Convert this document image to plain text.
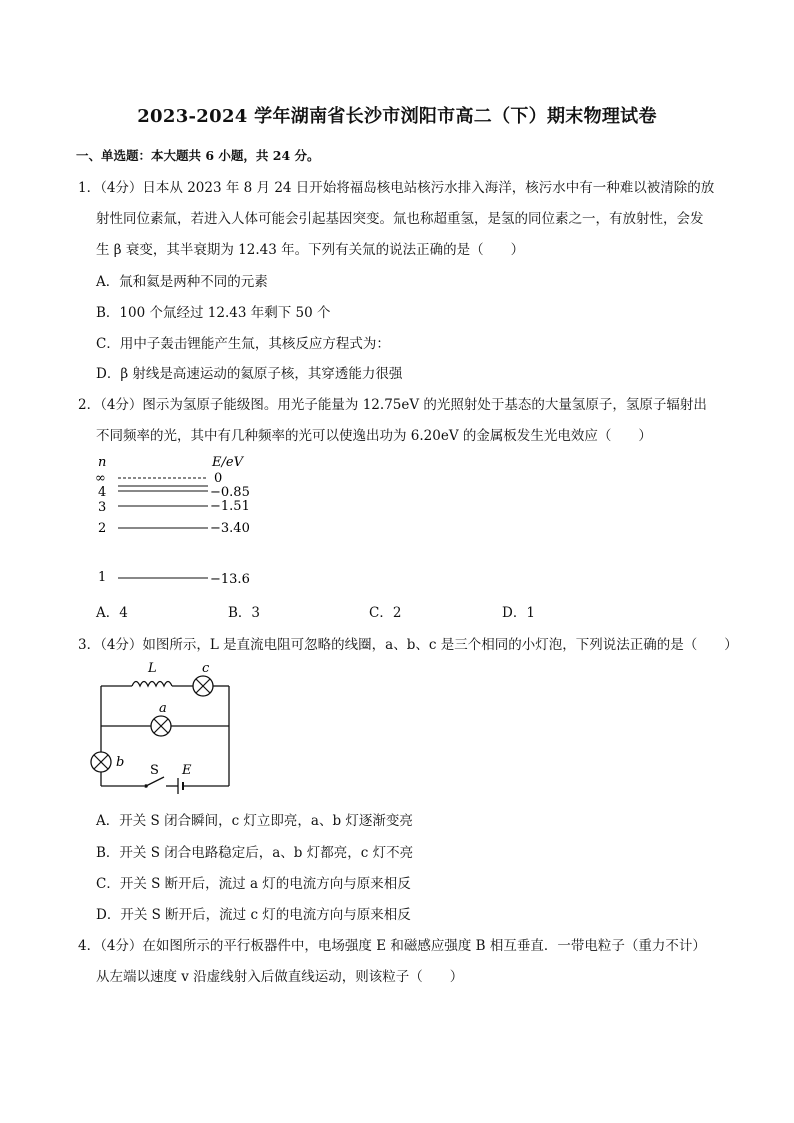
2023-2024 学年湖南省长沙市浏阳市高二（下）期末物理试卷
一、单选题：本大题共 6 小题，共 24 分。
1．（4分）日本从 2023 年 8 月 24 日开始将福岛核电站核污水排入海洋，核污水中有一种难以被清除的放
射性同位素氚，若进入人体可能会引起基因突变。氚也称超重氢，是氢的同位素之一，有放射性，会发
生 β 衰变，其半衰期为 12.43 年。下列有关氚的说法正确的是（　　）
A．氚和氦是两种不同的元素
B．100 个氚经过 12.43 年剩下 50 个
C．用中子轰击锂能产生氚，其核反应方程式为：
D．β 射线是高速运动的氦原子核，其穿透能力很强
2．（4分）图示为氢原子能级图。用光子能量为 12.75eV 的光照射处于基态的大量氢原子，氢原子辐射出
不同频率的光，其中有几种频率的光可以使逸出功为 6.20eV 的金属板发生光电效应（　　）
n	E/eV
∞	0
4	−0.85
3	−1.51
2	−3.40
1	−13.6
A．4	B．3	C．2	D．1
3．（4分）如图所示，L 是直流电阻可忽略的线圈，a、b、c 是三个相同的小灯泡，下列说法正确的是（　　）
L	c
a
b
S E
A．开关 S 闭合瞬间，c 灯立即亮，a、b 灯逐渐变亮
B．开关 S 闭合电路稳定后，a、b 灯都亮，c 灯不亮
C．开关 S 断开后，流过 a 灯的电流方向与原来相反
D．开关 S 断开后，流过 c 灯的电流方向与原来相反
4．（4分）在如图所示的平行板器件中，电场强度 E 和磁感应强度 B 相互垂直．一带电粒子（重力不计）
从左端以速度 v 沿虚线射入后做直线运动，则该粒子（　　）
